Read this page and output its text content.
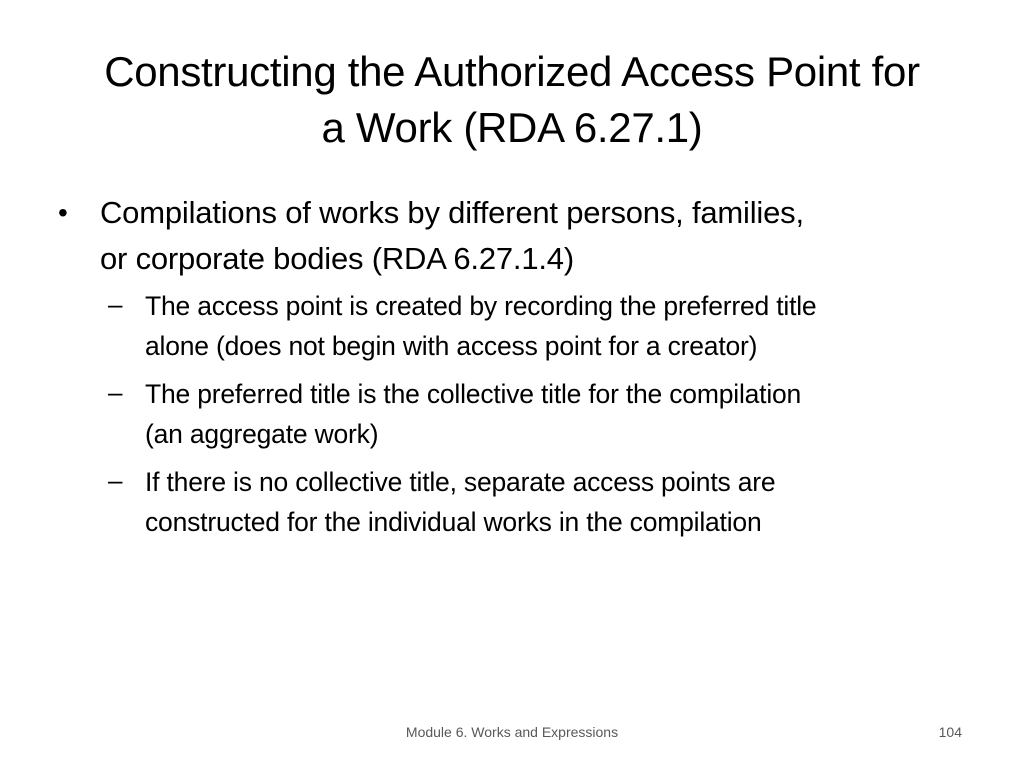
Constructing the Authorized Access Point for
a Work (RDA 6.27.1)
•	Compilations of works by different persons, families,
or corporate bodies (RDA 6.27.1.4)
– The access point is created by recording the preferred title
alone (does not begin with access point for a creator)
– The preferred title is the collective title for the compilation
(an aggregate work)
– If there is no collective title, separate access points are
constructed for the individual works in the compilation
Module 6. Works and Expressions	104
